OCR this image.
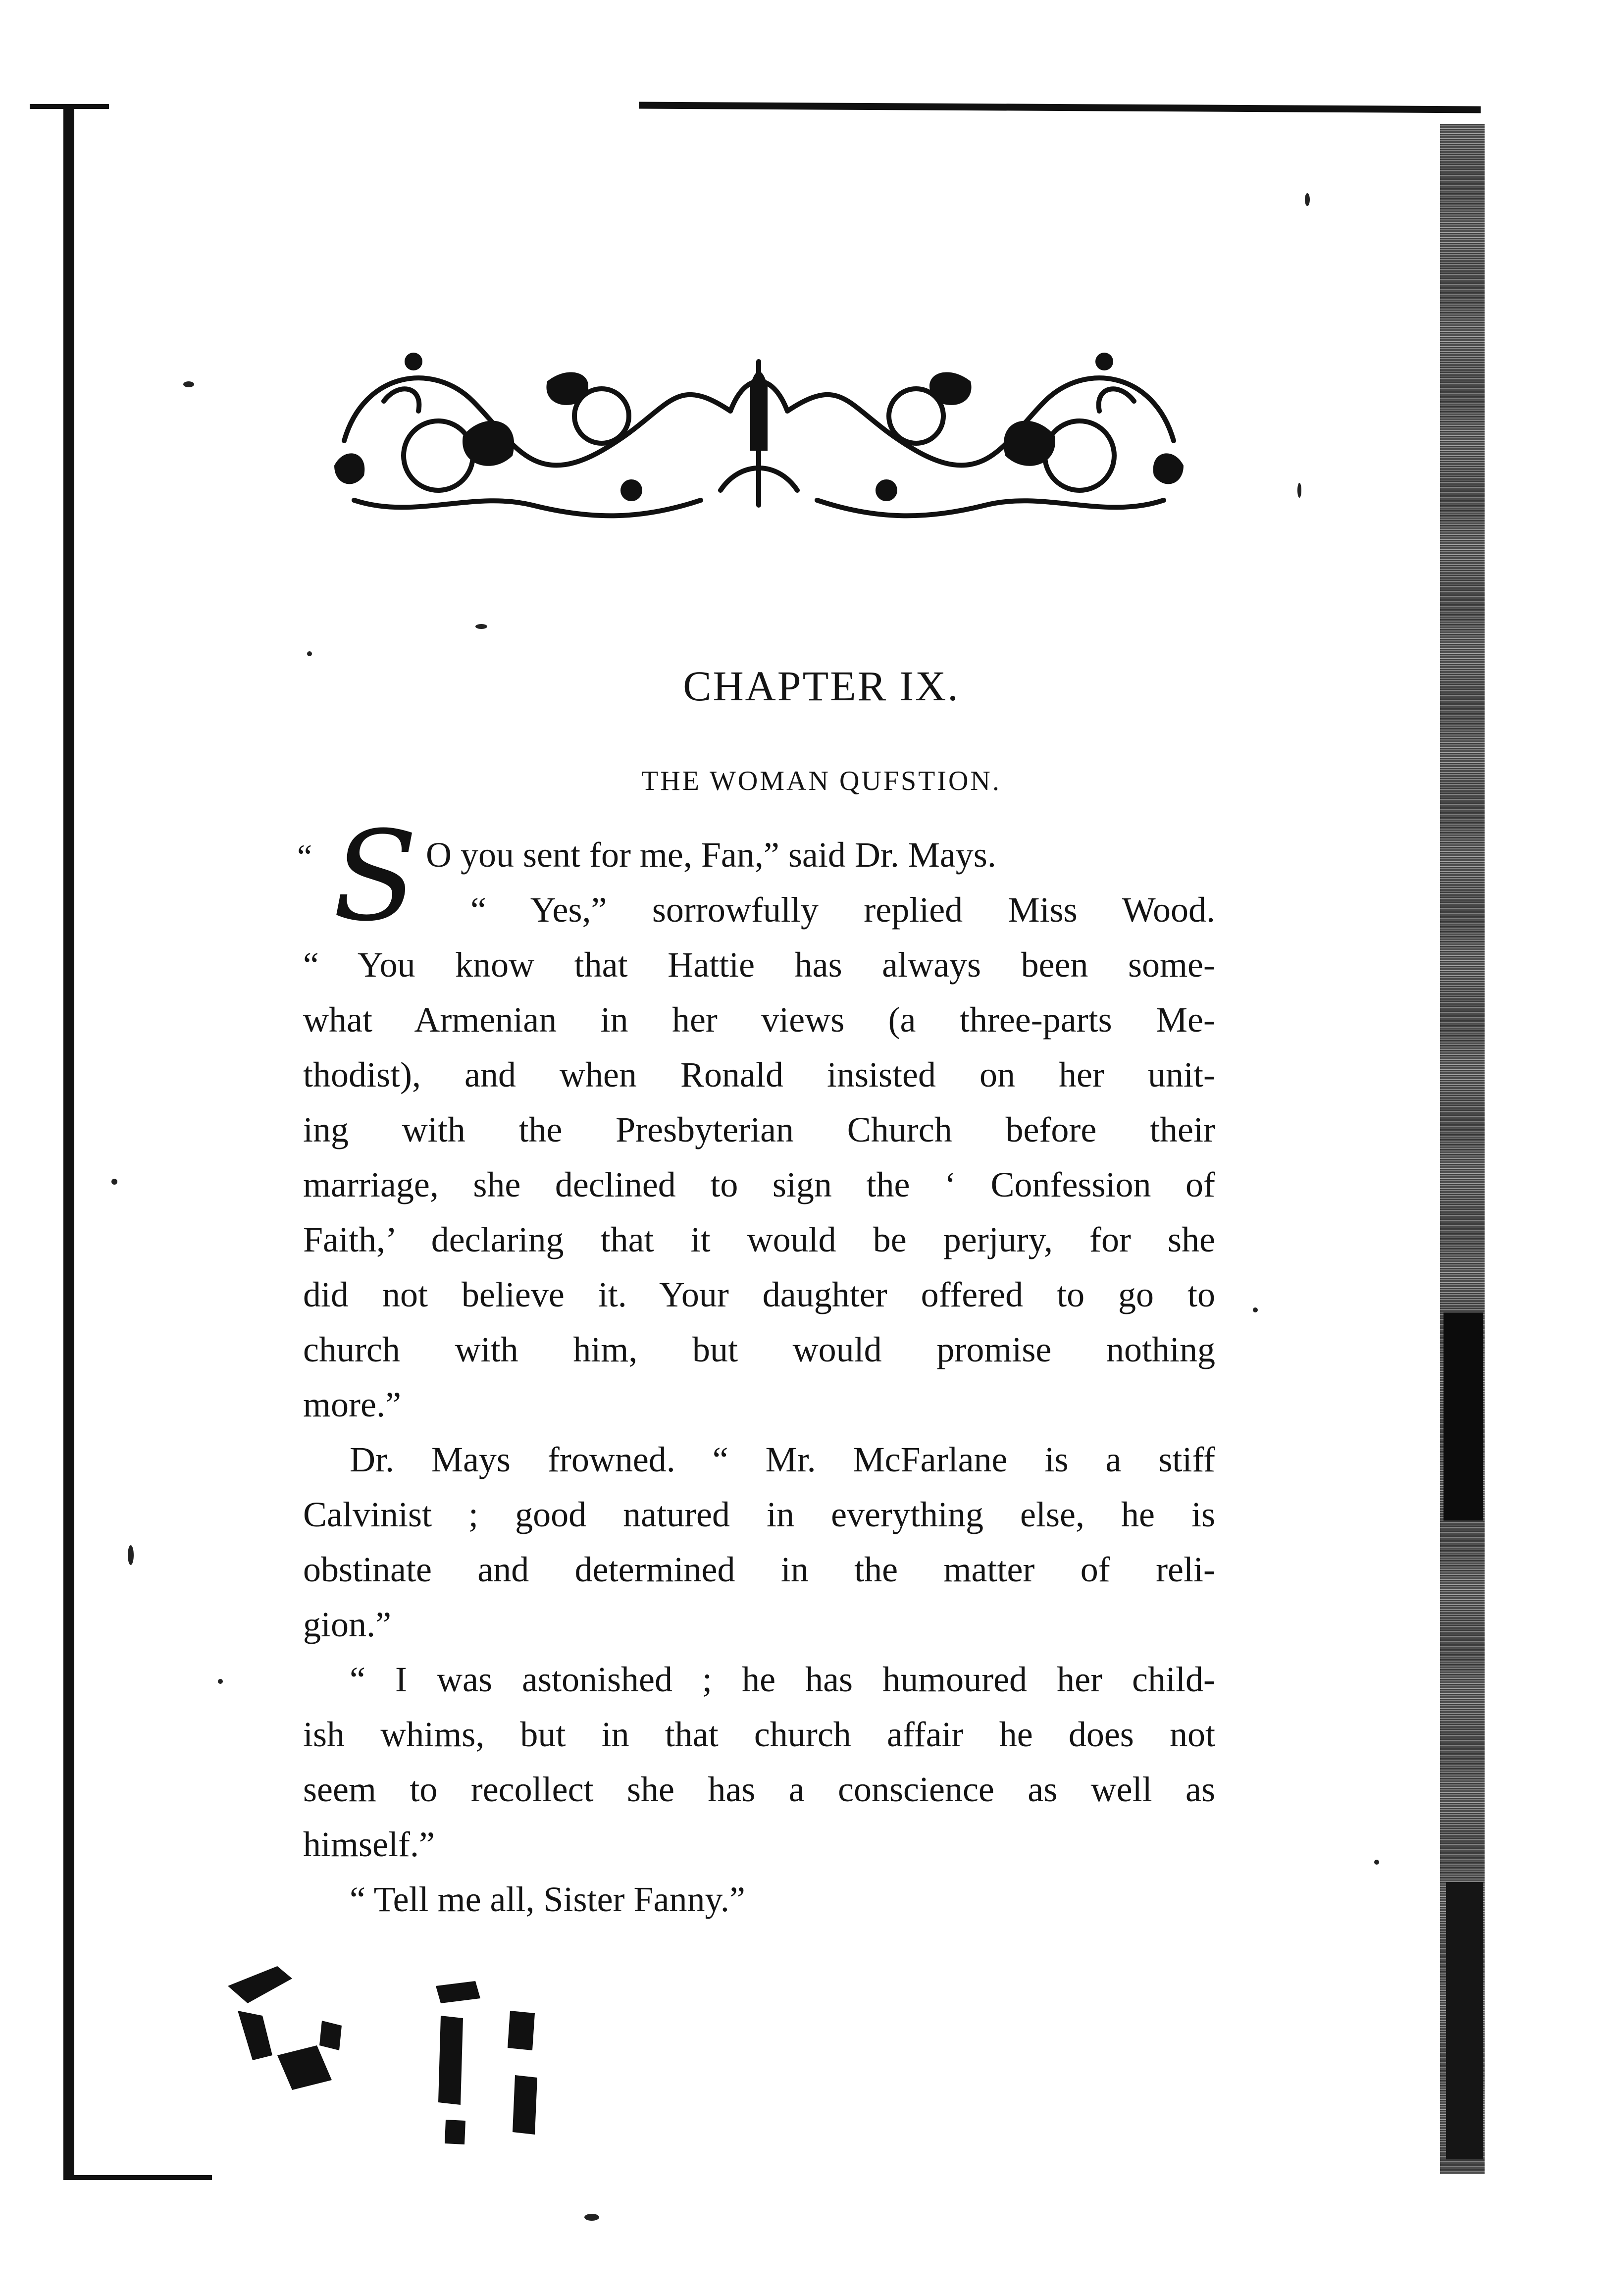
CHAPTER IX.
THE WOMAN QUFSTION.
“ S O you sent for me, Fan,” said Dr. Mays.
“ Yes,” sorrowfully replied Miss Wood.
“ You know that Hattie has always been some-
what Armenian in her views (a three-parts Me-
thodist), and when Ronald insisted on her unit-
ing with the Presbyterian Church before their
marriage, she declined to sign the ‘ Confession of
Faith,’ declaring that it would be perjury, for she
did not believe it. Your daughter offered to go to
church with him, but would promise nothing
more.”
Dr. Mays frowned. “ Mr. McFarlane is a stiff
Calvinist ; good natured in everything else, he is
obstinate and determined in the matter of reli-
gion.”
“ I was astonished ; he has humoured her child-
ish whims, but in that church affair he does not
seem to recollect she has a conscience as well as
himself.”
“ Tell me all, Sister Fanny.”
